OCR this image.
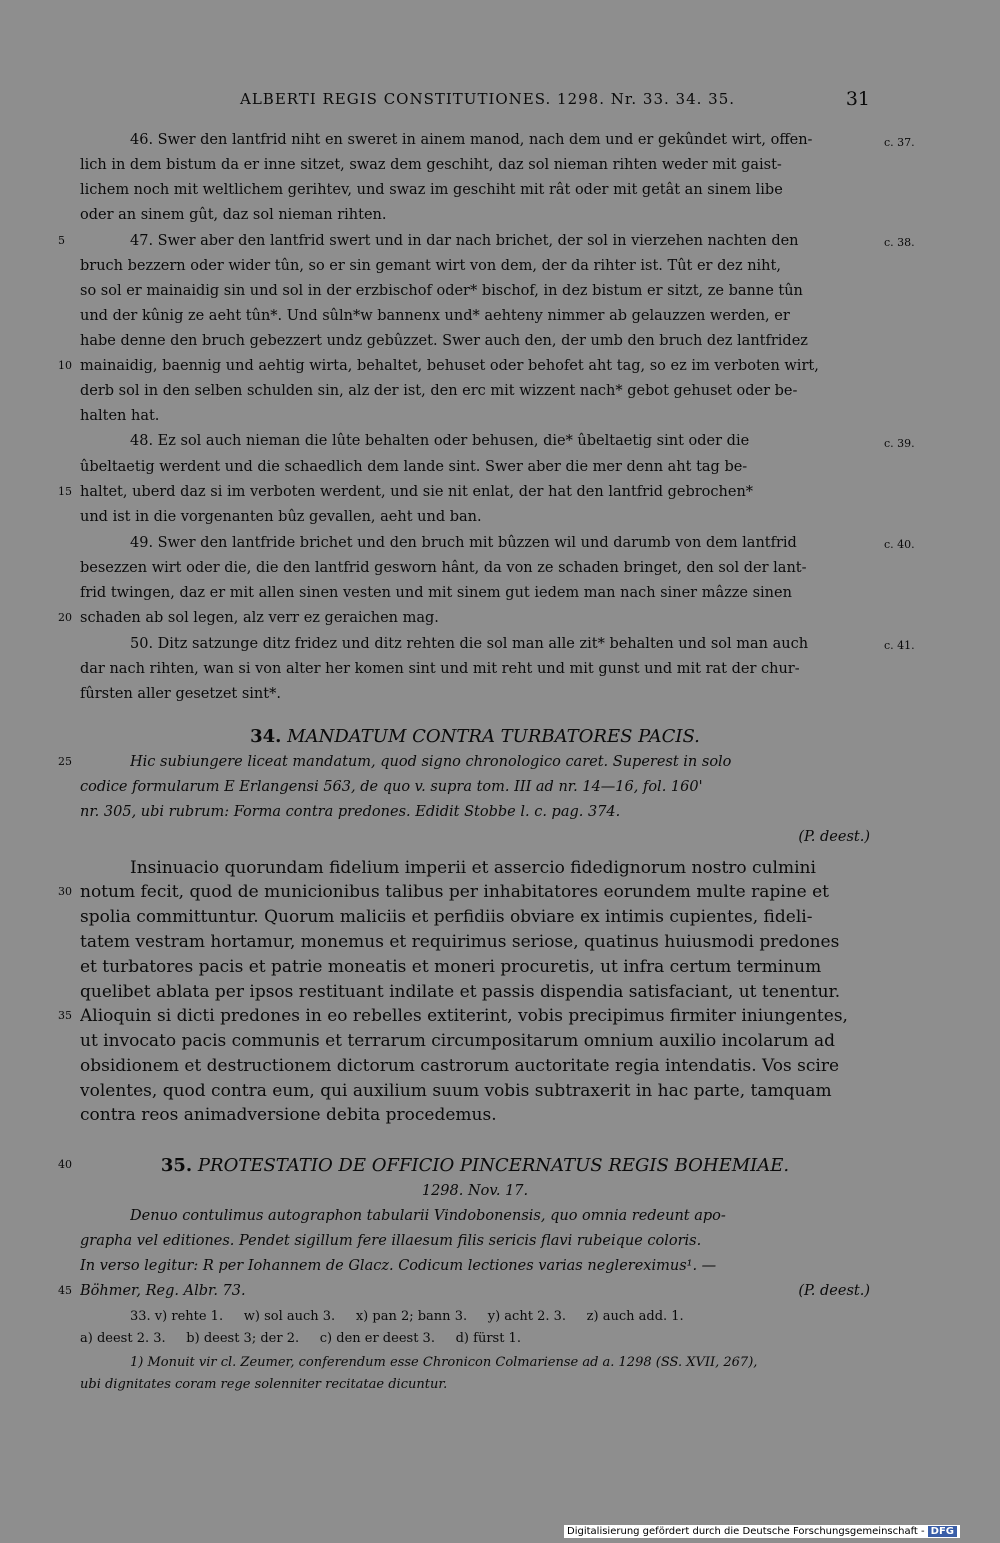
ALBERTI REGIS CONSTITUTIONES. 1298. Nr. 33. 34. 35.	31
46. Swer den lantfrid niht en sweret in ainem manod, nach dem und er gekûndet wirt, offen-
lich in dem bistum da er inne sitzet, swaz dem geschiht, daz sol nieman rihten weder mit gaist-
lichem noch mit weltlichem gerihtev, und swaz im geschiht mit rât oder mit getât an sinem libe
oder an sinem gût, daz sol nieman rihten.
47. Swer aber den lantfrid swert und in dar nach brichet, der sol in vierzehen nachten den
bruch bezzern oder wider tûn, so er sin gemant wirt von dem, der da rihter ist. Tût er dez niht,
so sol er mainaidig sin und sol in der erzbischof oder* bischof, in dez bistum er sitzt, ze banne tûn
und der kûnig ze aeht tûn*. Und sûln*w bannenx und* aehteny nimmer ab gelauzzen werden, er
habe denne den bruch gebezzert undz gebûzzet. Swer auch den, der umb den bruch dez lantfridez
mainaidig, baennig und aehtig wirta, behaltet, behuset oder behofet aht tag, so ez im verboten wirt,
derb sol in den selben schulden sin, alz der ist, den erc mit wizzent nach* gebot gehuset oder be-
halten hat.
48. Ez sol auch nieman die lûte behalten oder behusen, die* ûbeltaetig sint oder die
ûbeltaetig werdent und die schaedlich dem lande sint. Swer aber die mer denn aht tag be-
haltet, uberd daz si im verboten werdent, und sie nit enlat, der hat den lantfrid gebrochen*
und ist in die vorgenanten bûz gevallen, aeht und ban.
49. Swer den lantfride brichet und den bruch mit bûzzen wil und darumb von dem lantfrid
besezzen wirt oder die, die den lantfrid gesworn hânt, da von ze schaden bringet, den sol der lant-
frid twingen, daz er mit allen sinen vesten und mit sinem gut iedem man nach siner mâzze sinen
schaden ab sol legen, alz verr ez geraichen mag.
50. Ditz satzunge ditz fridez und ditz rehten die sol man alle zit* behalten und sol man auch
dar nach rihten, wan si von alter her komen sint und mit reht und mit gunst und mit rat der chur-
fûrsten aller gesetzet sint*.
5
10
15
20
c. 37.
c. 38.
c. 39.
c. 40.
c. 41.
34. MANDATUM CONTRA TURBATORES PACIS.
Hic subiungere liceat mandatum, quod signo chronologico caret. Superest in solo
codice formularum E Erlangensi 563, de quo v. supra tom. III ad nr. 14—16, fol. 160'
nr. 305, ubi rubrum: Forma contra predones. Edidit Stobbe l. c. pag. 374.
(P. deest.)
Insinuacio quorundam fidelium imperii et assercio fidedignorum nostro culmini
notum fecit, quod de municionibus talibus per inhabitatores eorundem multe rapine et
spolia committuntur. Quorum maliciis et perfidiis obviare ex intimis cupientes, fideli-
tatem vestram hortamur, monemus et requirimus seriose, quatinus huiusmodi predones
et turbatores pacis et patrie moneatis et moneri procuretis, ut infra certum terminum
quelibet ablata per ipsos restituant indilate et passis dispendia satisfaciant, ut tenentur.
Alioquin si dicti predones in eo rebelles extiterint, vobis precipimus firmiter iniungentes,
ut invocato pacis communis et terrarum circumpositarum omnium auxilio incolarum ad
obsidionem et destructionem dictorum castrorum auctoritate regia intendatis. Vos scire
volentes, quod contra eum, qui auxilium suum vobis subtraxerit in hac parte, tamquam
contra reos animadversione debita procedemus.
25
30
35
35. PROTESTATIO DE OFFICIO PINCERNATUS REGIS BOHEMIAE.
1298. Nov. 17.
Denuo contulimus autographon tabularii Vindobonensis, quo omnia redeunt apo-
grapha vel editiones. Pendet sigillum fere illaesum filis sericis flavi rubeique coloris.
In verso legitur: R per Iohannem de Glacz. Codicum lectiones varias neglereximus¹. —
Böhmer, Reg. Albr. 73.	(P. deest.)
40
45
33. v) rehte 1.     w) sol auch 3.     x) pan 2; bann 3.     y) acht 2. 3.     z) auch add. 1.
a) deest 2. 3.     b) deest 3; der 2.     c) den er deest 3.     d) fürst 1.
1) Monuit vir cl. Zeumer, conferendum esse Chronicon Colmariense ad a. 1298 (SS. XVII, 267),
ubi dignitates coram rege solenniter recitatae dicuntur.
Digitalisierung gefördert durch die Deutsche Forschungsgemeinschaft - DFG
